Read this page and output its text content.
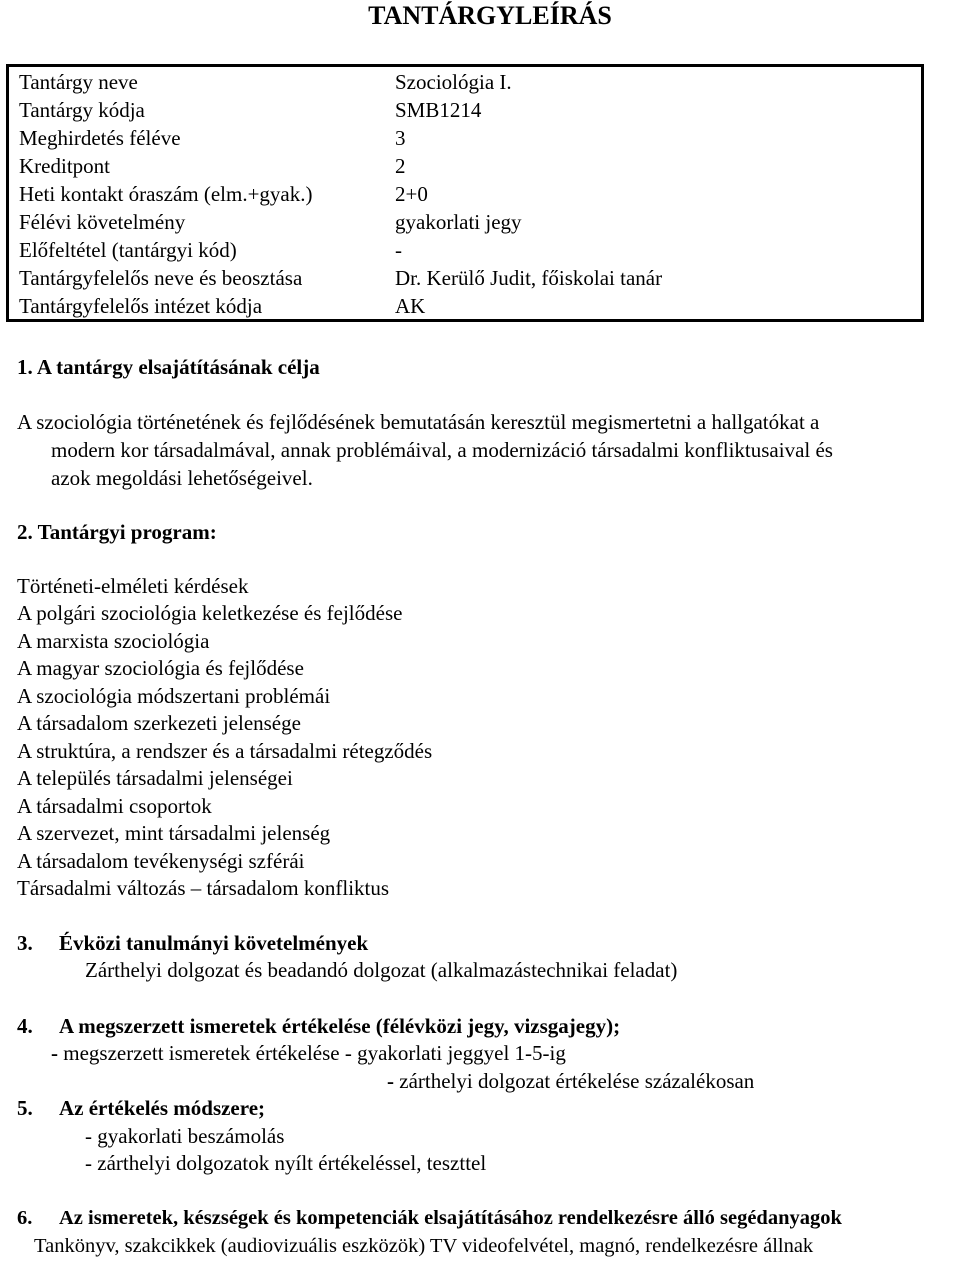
TANTÁRGYLEÍRÁS
Tantárgy neve	Szociológia I.
Tantárgy kódja	SMB1214
Meghirdetés féléve	3
Kreditpont	2
Heti kontakt óraszám (elm.+gyak.)	2+0
Félévi követelmény	gyakorlati jegy
Előfeltétel (tantárgyi kód)	-
Tantárgyfelelős neve és beosztása	Dr. Kerülő Judit, főiskolai tanár
Tantárgyfelelős intézet kódja	AK
1. A tantárgy elsajátításának célja
A szociológia történetének és fejlődésének bemutatásán keresztül megismertetni a hallgatókat a
modern kor társadalmával, annak problémáival, a modernizáció társadalmi konfliktusaival és
azok megoldási lehetőségeivel.
2. Tantárgyi program:
Történeti-elméleti kérdések
A polgári szociológia keletkezése és fejlődése
A marxista szociológia
A magyar szociológia és fejlődése
A szociológia módszertani problémái
A társadalom szerkezeti jelensége
A struktúra, a rendszer és a társadalmi rétegződés
A település társadalmi jelenségei
A társadalmi csoportok
A szervezet, mint társadalmi jelenség
A társadalom tevékenységi szférái
Társadalmi változás – társadalom konfliktus
3. Évközi tanulmányi követelmények
Zárthelyi dolgozat és beadandó dolgozat (alkalmazástechnikai feladat)
4. A megszerzett ismeretek értékelése (félévközi jegy, vizsgajegy);
- megszerzett ismeretek értékelése - gyakorlati jeggyel 1-5-ig
- zárthelyi dolgozat értékelése százalékosan
5. Az értékelés módszere;
- gyakorlati beszámolás
- zárthelyi dolgozatok nyílt értékeléssel, teszttel
6. Az ismeretek, készségek és kompetenciák elsajátításához rendelkezésre álló segédanyagok
Tankönyv, szakcikkek (audiovizuális eszközök) TV videofelvétel, magnó, rendelkezésre állnak
